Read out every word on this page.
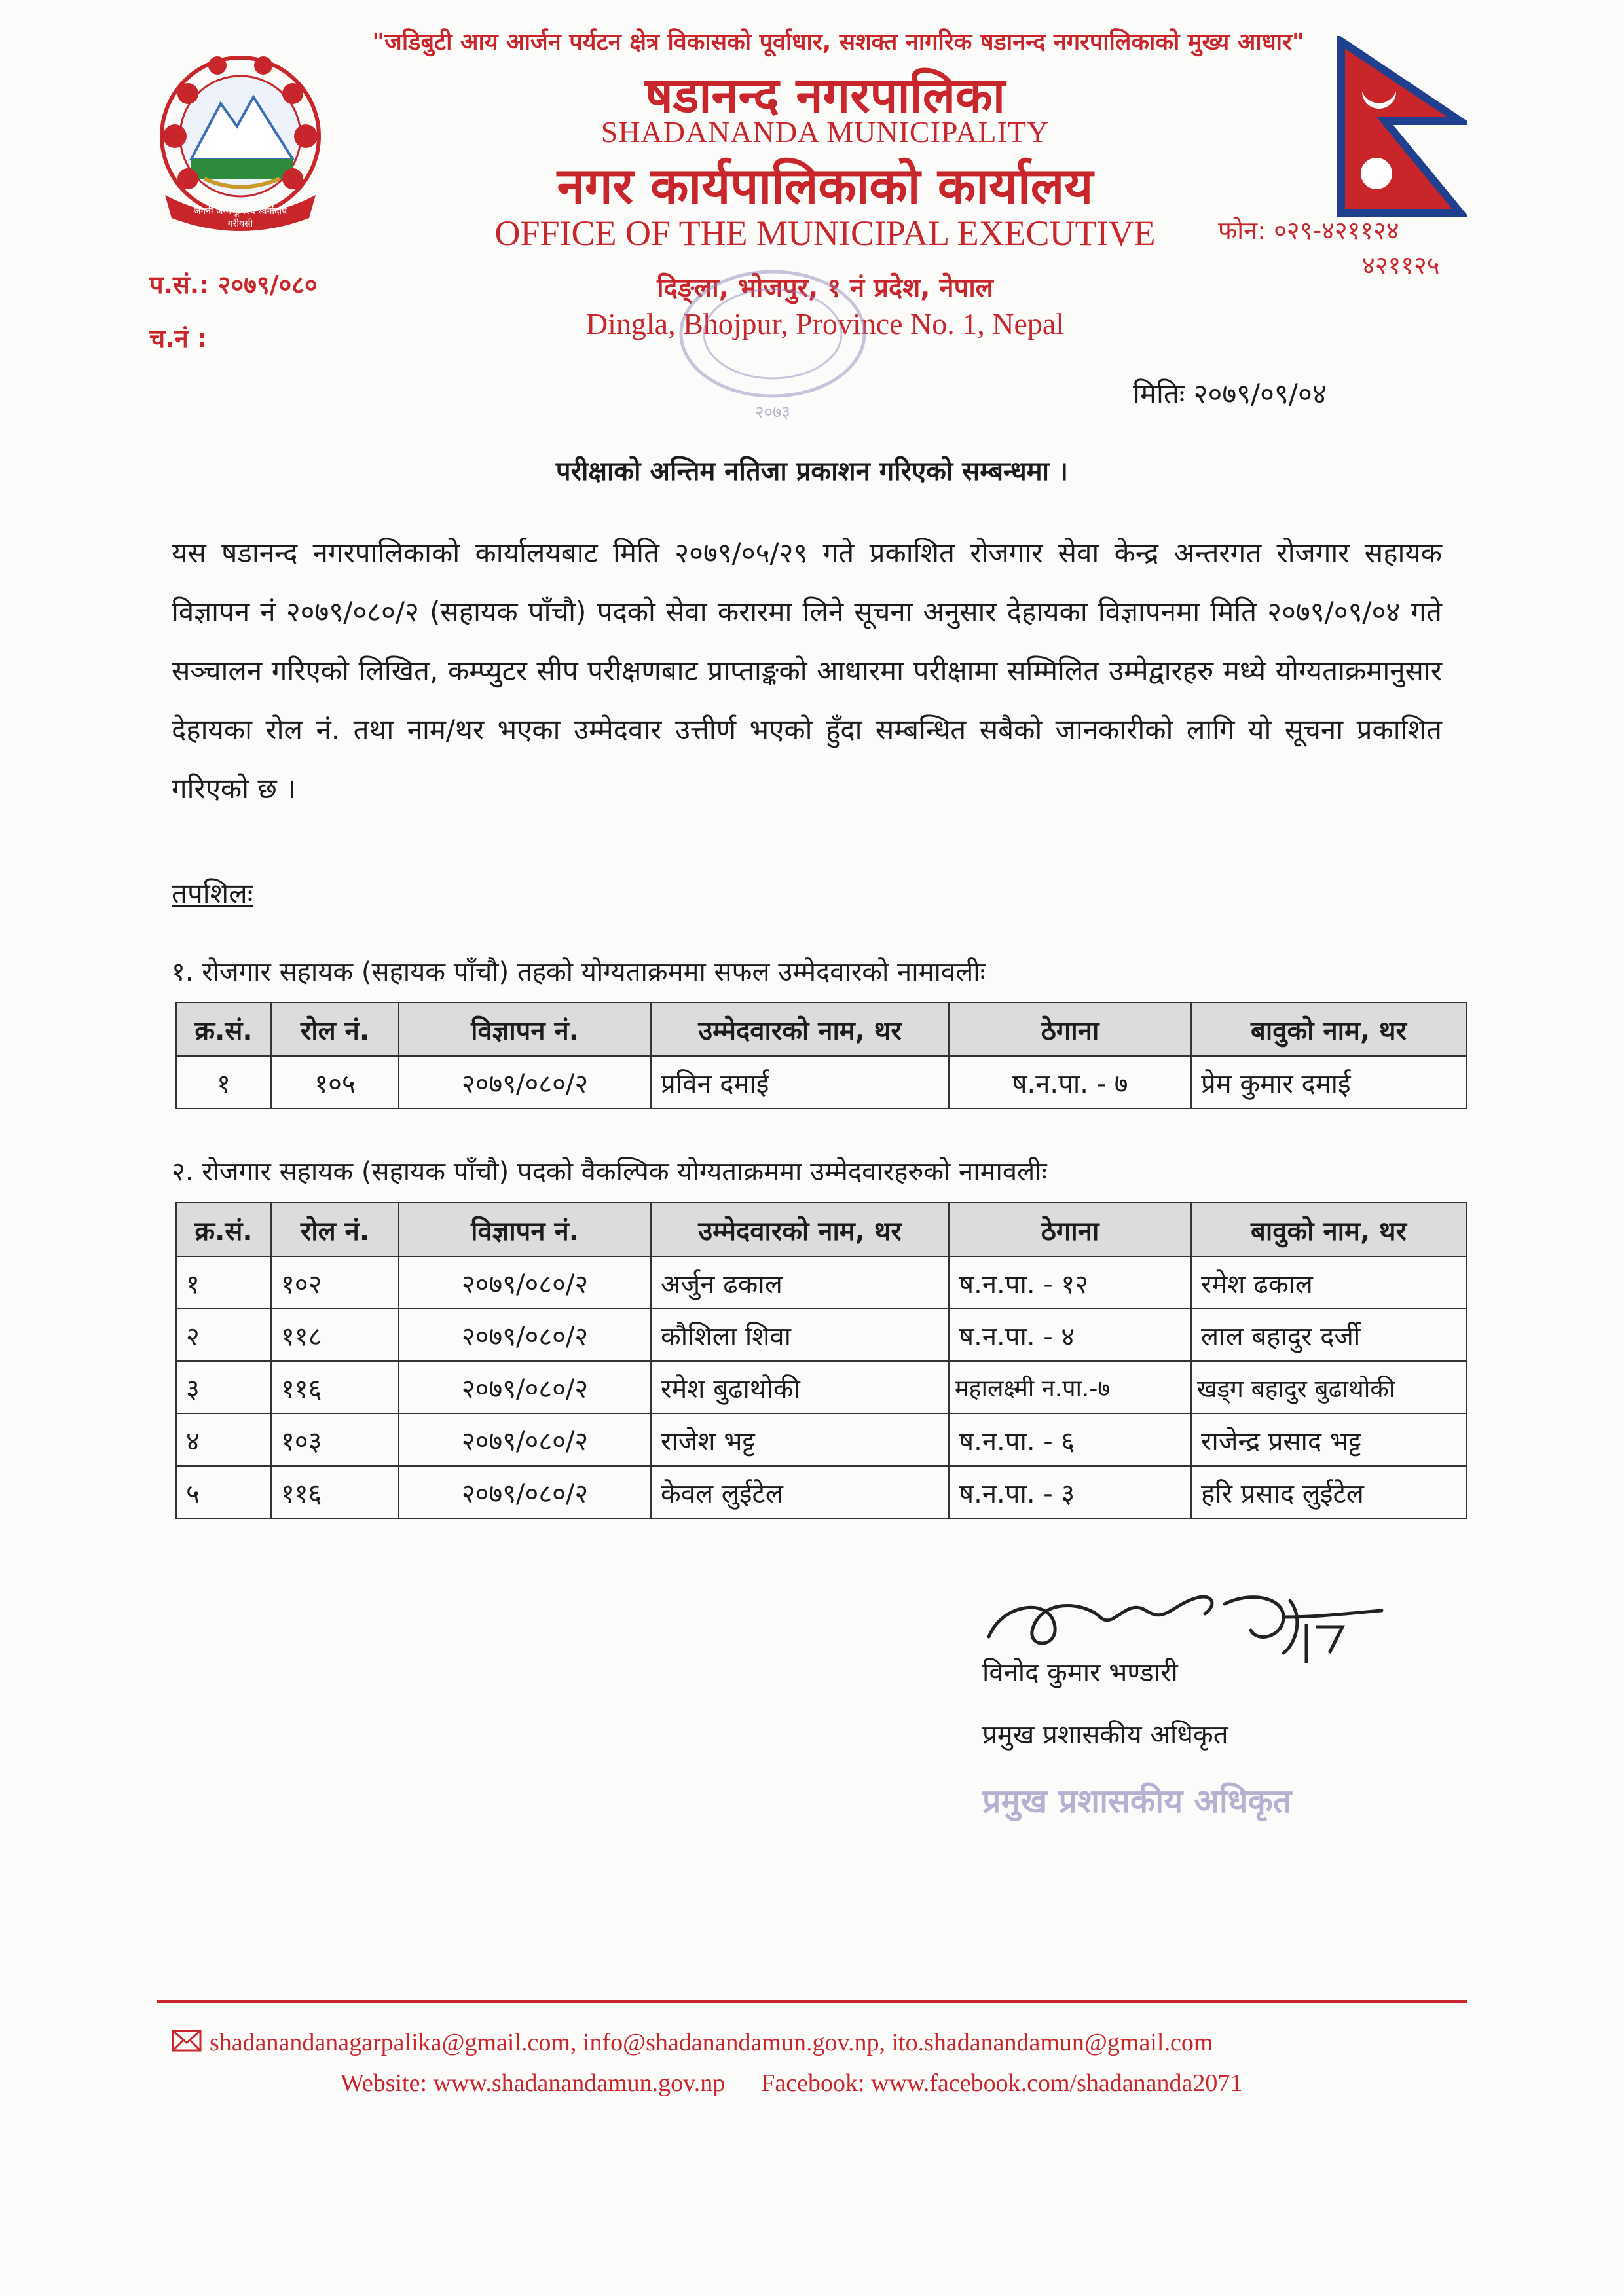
जननी जन्मभूमिश्च स्वर्गादपि गरीयसी
"जडिबुटी आय आर्जन पर्यटन क्षेत्र विकासको पूर्वाधार, सशक्त नागरिक षडानन्द नगरपालिकाको मुख्य आधार"
षडानन्द नगरपालिका
SHADANANDA MUNICIPALITY
नगर कार्यपालिकाको कार्यालय
OFFICE OF THE MUNICIPAL EXECUTIVE
दिङ्ला, भोजपुर, १ नं प्रदेश, नेपाल
Dingla, Bhojpur, Province No. 1, Nepal
फोन: ०२९-४२११२४
४२११२५
प.सं.: २०७९/०८०
च.नं :
२०७३
मितिः २०७९/०९/०४
परीक्षाको अन्तिम नतिजा प्रकाशन गरिएको सम्बन्धमा ।
यस षडानन्द नगरपालिकाको कार्यालयबाट मिति २०७९/०५/२९ गते प्रकाशित रोजगार सेवा केन्द्र अन्तरगत रोजगार सहायक विज्ञापन नं २०७९/०८०/२ (सहायक पाँचौ) पदको सेवा करारमा लिने सूचना अनुसार देहायका विज्ञापनमा मिति २०७९/०९/०४ गते सञ्चालन गरिएको लिखित, कम्प्युटर सीप परीक्षणबाट प्राप्ताङ्कको आधारमा परीक्षामा सम्मिलित उम्मेद्वारहरु मध्ये योग्यताक्रमानुसार देहायका रोल नं. तथा नाम/थर भएका उम्मेदवार उत्तीर्ण भएको हुँदा सम्बन्धित सबैको जानकारीको लागि यो सूचना प्रकाशित गरिएको छ ।
तपशिलः
१. रोजगार सहायक (सहायक पाँचौ) तहको योग्यताक्रममा सफल उम्मेदवारको नामावलीः
क्र.सं.	रोल नं.	विज्ञापन नं.	उम्मेदवारको नाम, थर	ठेगाना	बावुको नाम, थर
१	१०५	२०७९/०८०/२	प्रविन दमाई	ष.न.पा. - ७	प्रेम कुमार दमाई
२. रोजगार सहायक (सहायक पाँचौ) पदको वैकल्पिक योग्यताक्रममा उम्मेदवारहरुको नामावलीः
क्र.सं.	रोल नं.	विज्ञापन नं.	उम्मेदवारको नाम, थर	ठेगाना	बावुको नाम, थर
१	१०२	२०७९/०८०/२	अर्जुन ढकाल	ष.न.पा. - १२	रमेश ढकाल
२	११८	२०७९/०८०/२	कौशिला शिवा	ष.न.पा. - ४	लाल बहादुर दर्जी
३	११६	२०७९/०८०/२	रमेश बुढाथोकी	महालक्ष्मी न.पा.-७	खड्ग बहादुर बुढाथोकी
४	१०३	२०७९/०८०/२	राजेश भट्ट	ष.न.पा. - ६	राजेन्द्र प्रसाद भट्ट
५	११६	२०७९/०८०/२	केवल लुईटेल	ष.न.पा. - ३	हरि प्रसाद लुईटेल
विनोद कुमार भण्डारी
प्रमुख प्रशासकीय अधिकृत
प्रमुख प्रशासकीय अधिकृत
shadanandanagarpalika@gmail.com, info@shadanandamun.gov.np, ito.shadanandamun@gmail.com
Website: www.shadanandamun.gov.np Facebook: www.facebook.com/shadananda2071
